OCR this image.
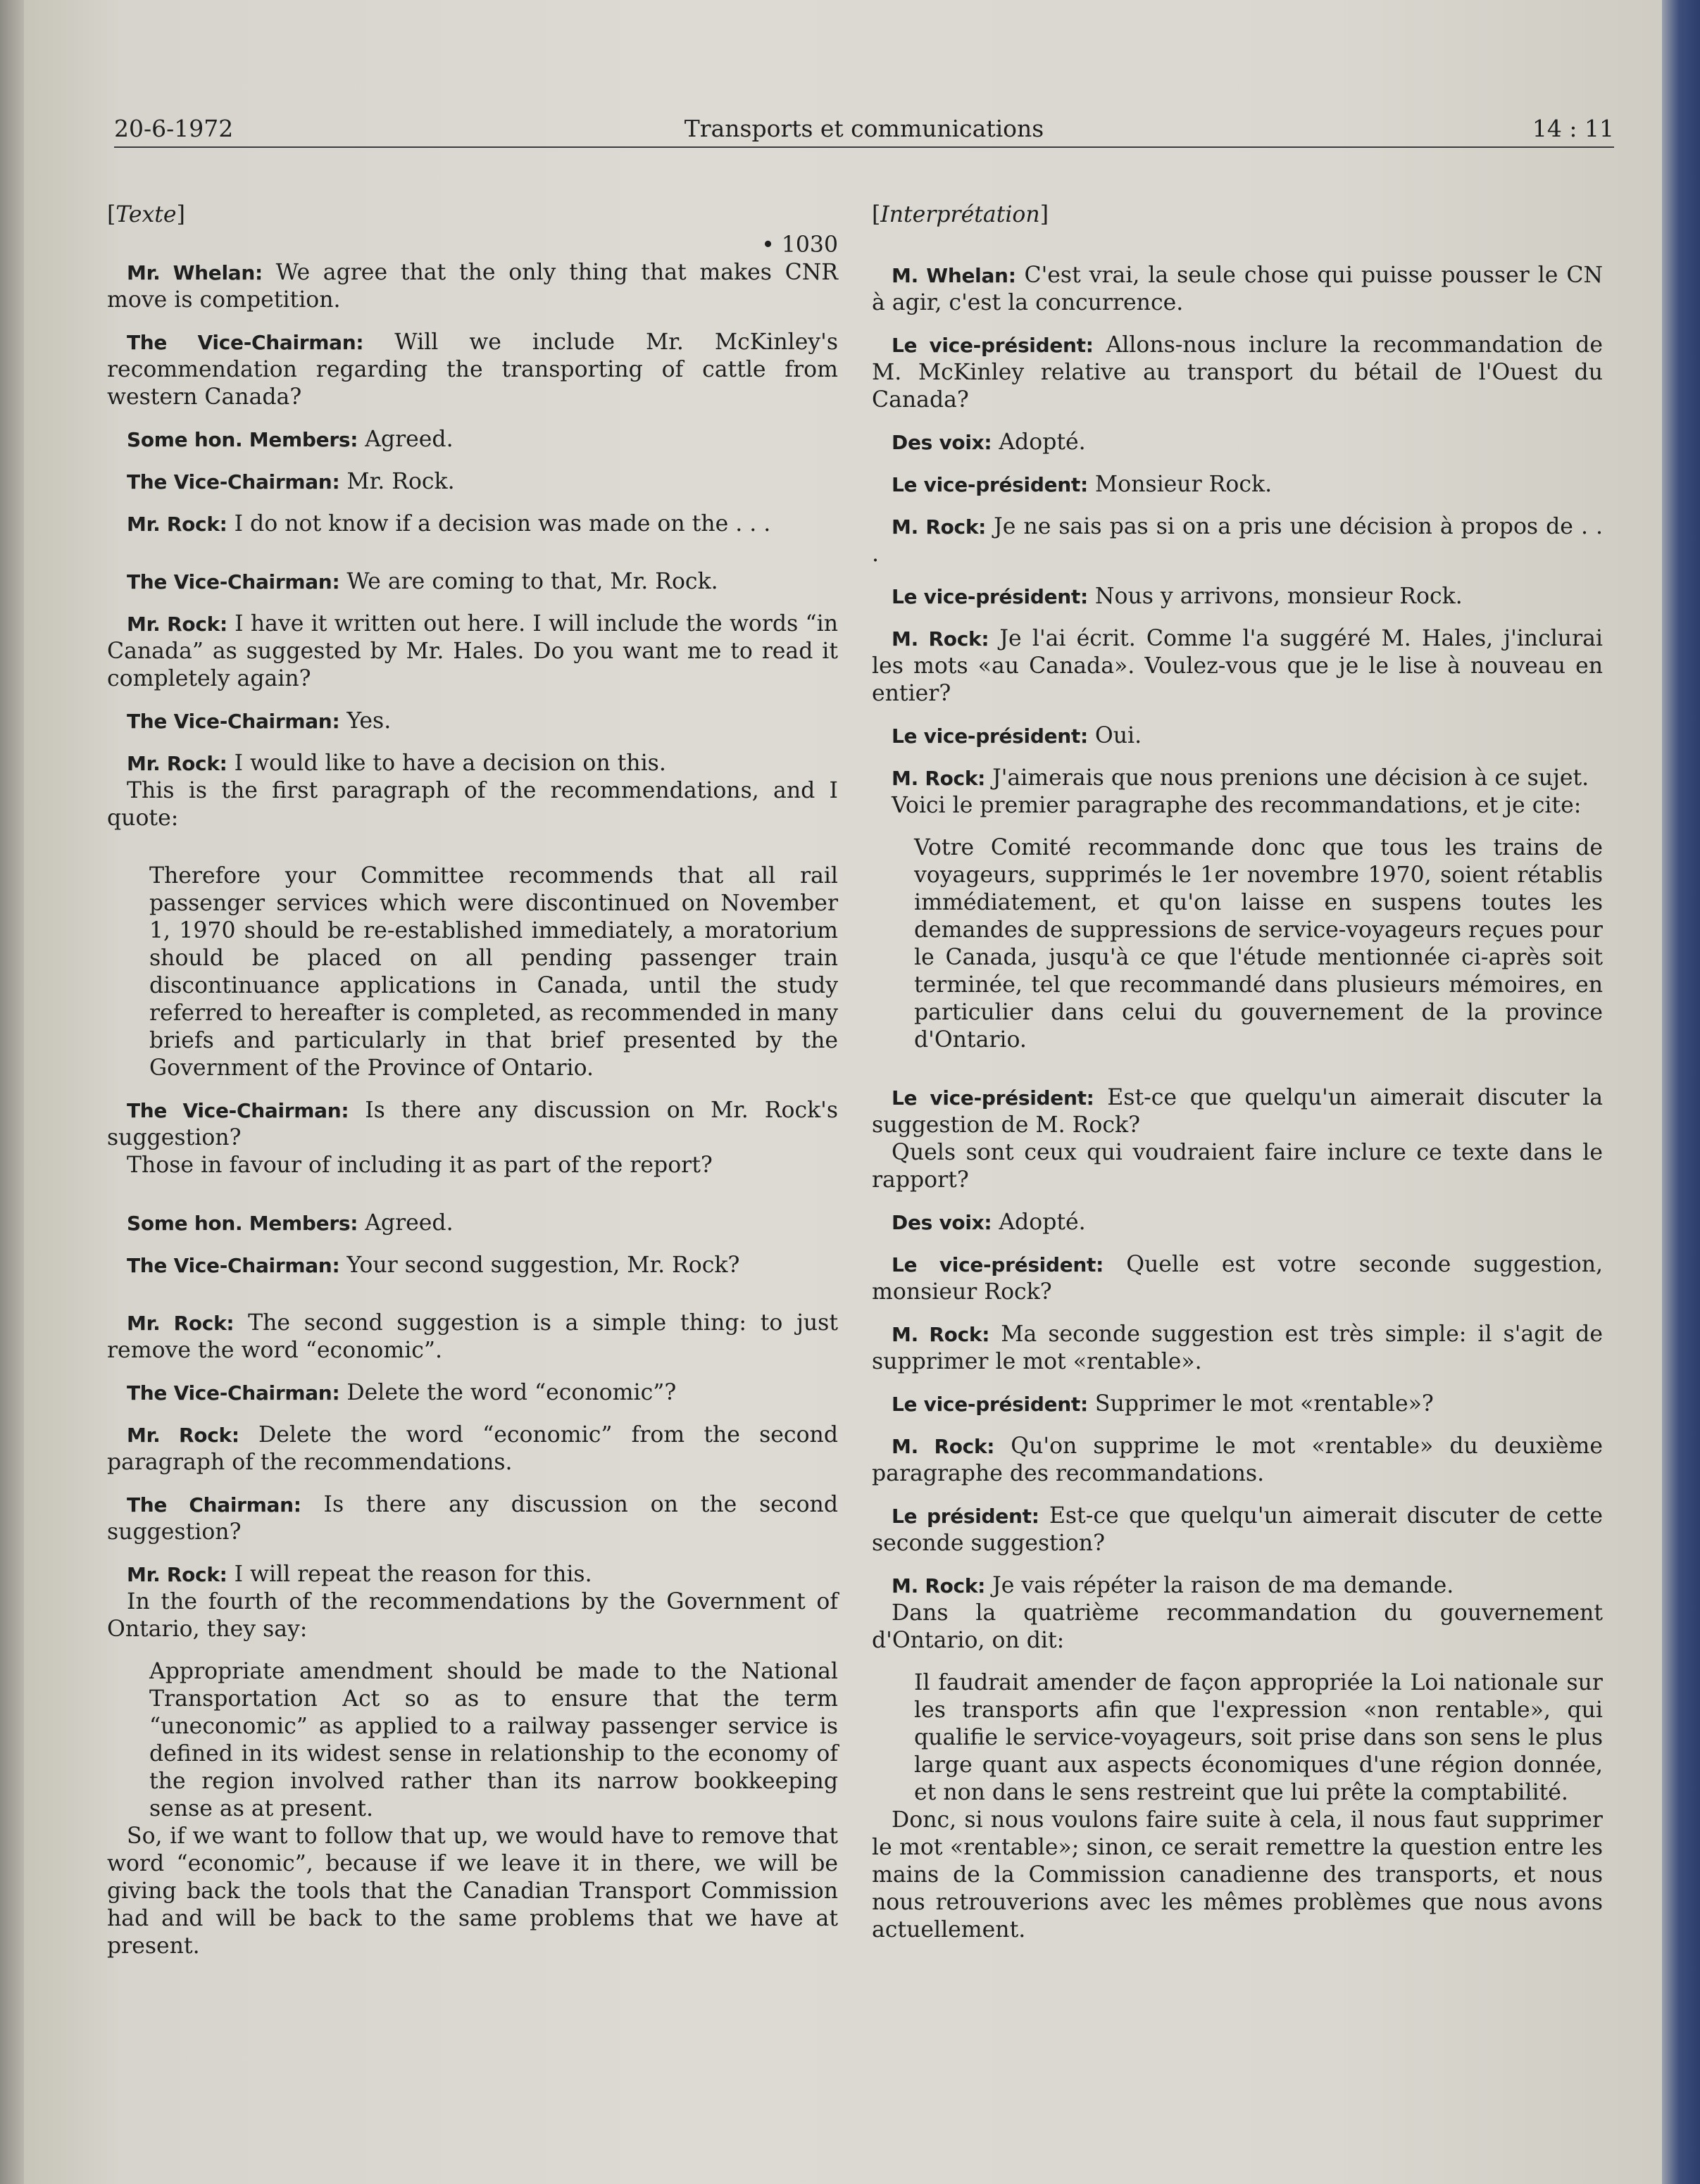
20-6-1972	Transports et communications	14 : 11
[Texte]
• 1030

Mr. Whelan: We agree that the only thing that makes CNR move is competition.

The Vice-Chairman: Will we include Mr. McKinley's recommendation regarding the transporting of cattle from western Canada?

Some hon. Members: Agreed.

The Vice-Chairman: Mr. Rock.

Mr. Rock: I do not know if a decision was made on the . . .

The Vice-Chairman: We are coming to that, Mr. Rock.

Mr. Rock: I have it written out here. I will include the words “in Canada” as suggested by Mr. Hales. Do you want me to read it completely again?

The Vice-Chairman: Yes.

Mr. Rock: I would like to have a decision on this.

This is the first paragraph of the recommendations, and I quote:

Therefore your Committee recommends that all rail passenger services which were discontinued on November 1, 1970 should be re-established immediately, a moratorium should be placed on all pending passenger train discontinuance applications in Canada, until the study referred to hereafter is completed, as recommended in many briefs and particularly in that brief presented by the Government of the Province of Ontario.

The Vice-Chairman: Is there any discussion on Mr. Rock's suggestion?

Those in favour of including it as part of the report?

Some hon. Members: Agreed.

The Vice-Chairman: Your second suggestion, Mr. Rock?

Mr. Rock: The second suggestion is a simple thing: to just remove the word “economic”.

The Vice-Chairman: Delete the word “economic”?

Mr. Rock: Delete the word “economic” from the second paragraph of the recommendations.

The Chairman: Is there any discussion on the second suggestion?

Mr. Rock: I will repeat the reason for this.

In the fourth of the recommendations by the Government of Ontario, they say:

Appropriate amendment should be made to the National Transportation Act so as to ensure that the term “uneconomic” as applied to a railway passenger service is defined in its widest sense in relationship to the economy of the region involved rather than its narrow bookkeeping sense as at present.

So, if we want to follow that up, we would have to remove that word “economic”, because if we leave it in there, we will be giving back the tools that the Canadian Transport Commission had and will be back to the same problems that we have at present.

[Interprétation]

M. Whelan: C'est vrai, la seule chose qui puisse pousser le CN à agir, c'est la concurrence.

Le vice-président: Allons-nous inclure la recommandation de M. McKinley relative au transport du bétail de l'Ouest du Canada?

Des voix: Adopté.

Le vice-président: Monsieur Rock.

M. Rock: Je ne sais pas si on a pris une décision à propos de . . .

Le vice-président: Nous y arrivons, monsieur Rock.

M. Rock: Je l'ai écrit. Comme l'a suggéré M. Hales, j'inclurai les mots «au Canada». Voulez-vous que je le lise à nouveau en entier?

Le vice-président: Oui.

M. Rock: J'aimerais que nous prenions une décision à ce sujet.

Voici le premier paragraphe des recommandations, et je cite:

Votre Comité recommande donc que tous les trains de voyageurs, supprimés le 1er novembre 1970, soient rétablis immédiatement, et qu'on laisse en suspens toutes les demandes de suppressions de service-voyageurs reçues pour le Canada, jusqu'à ce que l'étude mentionnée ci-après soit terminée, tel que recommandé dans plusieurs mémoires, en particulier dans celui du gouvernement de la province d'Ontario.

Le vice-président: Est-ce que quelqu'un aimerait discuter la suggestion de M. Rock?

Quels sont ceux qui voudraient faire inclure ce texte dans le rapport?

Des voix: Adopté.

Le vice-président: Quelle est votre seconde suggestion, monsieur Rock?

M. Rock: Ma seconde suggestion est très simple: il s'agit de supprimer le mot «rentable».

Le vice-président: Supprimer le mot «rentable»?

M. Rock: Qu'on supprime le mot «rentable» du deuxième paragraphe des recommandations.

Le président: Est-ce que quelqu'un aimerait discuter de cette seconde suggestion?

M. Rock: Je vais répéter la raison de ma demande.

Dans la quatrième recommandation du gouvernement d'Ontario, on dit:

Il faudrait amender de façon appropriée la Loi nationale sur les transports afin que l'expression «non rentable», qui qualifie le service-voyageurs, soit prise dans son sens le plus large quant aux aspects économiques d'une région donnée, et non dans le sens restreint que lui prête la comptabilité.

Donc, si nous voulons faire suite à cela, il nous faut supprimer le mot «rentable»; sinon, ce serait remettre la question entre les mains de la Commission canadienne des transports, et nous nous retrouverions avec les mêmes problèmes que nous avons actuellement.
